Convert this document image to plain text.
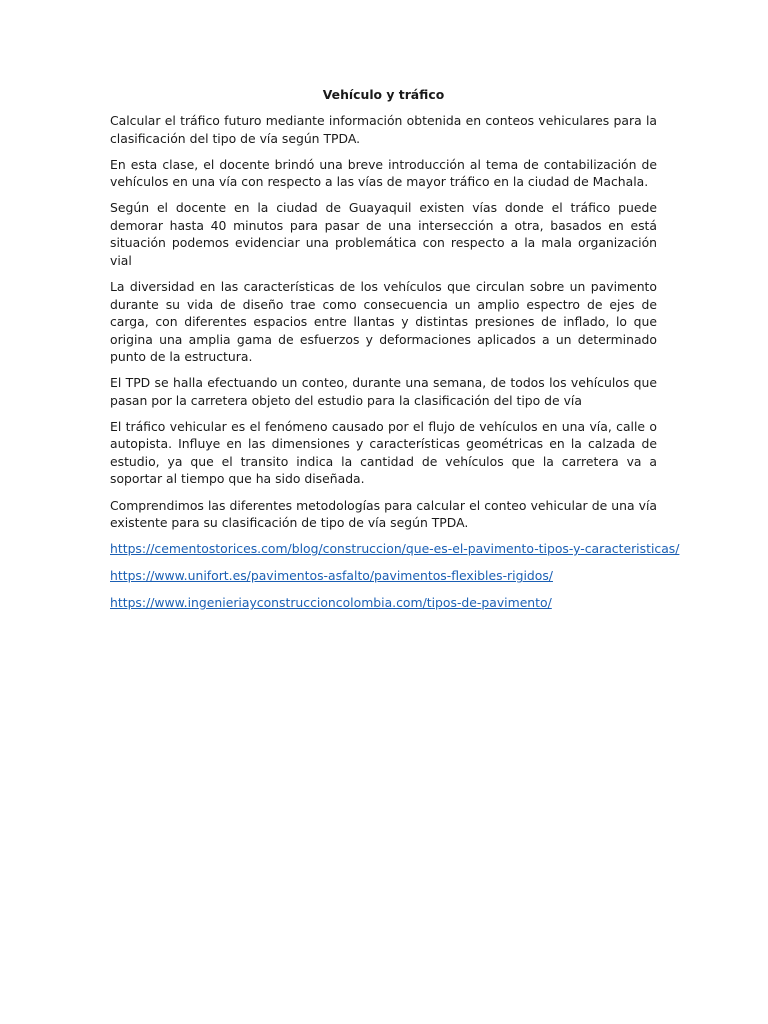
Vehículo y tráfico

Calcular el tráfico futuro mediante información obtenida en conteos vehiculares para la clasificación del tipo de vía según TPDA.

En esta clase, el docente brindó una breve introducción al tema de contabilización de vehículos en una vía con respecto a las vías de mayor tráfico en la ciudad de Machala.

Según el docente en la ciudad de Guayaquil existen vías donde el tráfico puede demorar hasta 40 minutos para pasar de una intersección a otra, basados en está situación podemos evidenciar una problemática con respecto a la mala organización vial

La diversidad en las características de los vehículos que circulan sobre un pavimento durante su vida de diseño trae como consecuencia un amplio espectro de ejes de carga, con diferentes espacios entre llantas y distintas presiones de inflado, lo que origina una amplia gama de esfuerzos y deformaciones aplicados a un determinado punto de la estructura.

El TPD se halla efectuando un conteo, durante una semana, de todos los vehículos que pasan por la carretera objeto del estudio para la clasificación del tipo de vía

El tráfico vehicular es el fenómeno causado por el flujo de vehículos en una vía, calle o autopista. Influye en las dimensiones y características geométricas en la calzada de estudio, ya que el transito indica la cantidad de vehículos que la carretera va a soportar al tiempo que ha sido diseñada.

Comprendimos las diferentes metodologías para calcular el conteo vehicular de una vía existente para su clasificación de tipo de vía según TPDA.

https://cementostorices.com/blog/construccion/que-es-el-pavimento-tipos-y-caracteristicas/
https://www.unifort.es/pavimentos-asfalto/pavimentos-flexibles-rigidos/
https://www.ingenieriayconstruccioncolombia.com/tipos-de-pavimento/
